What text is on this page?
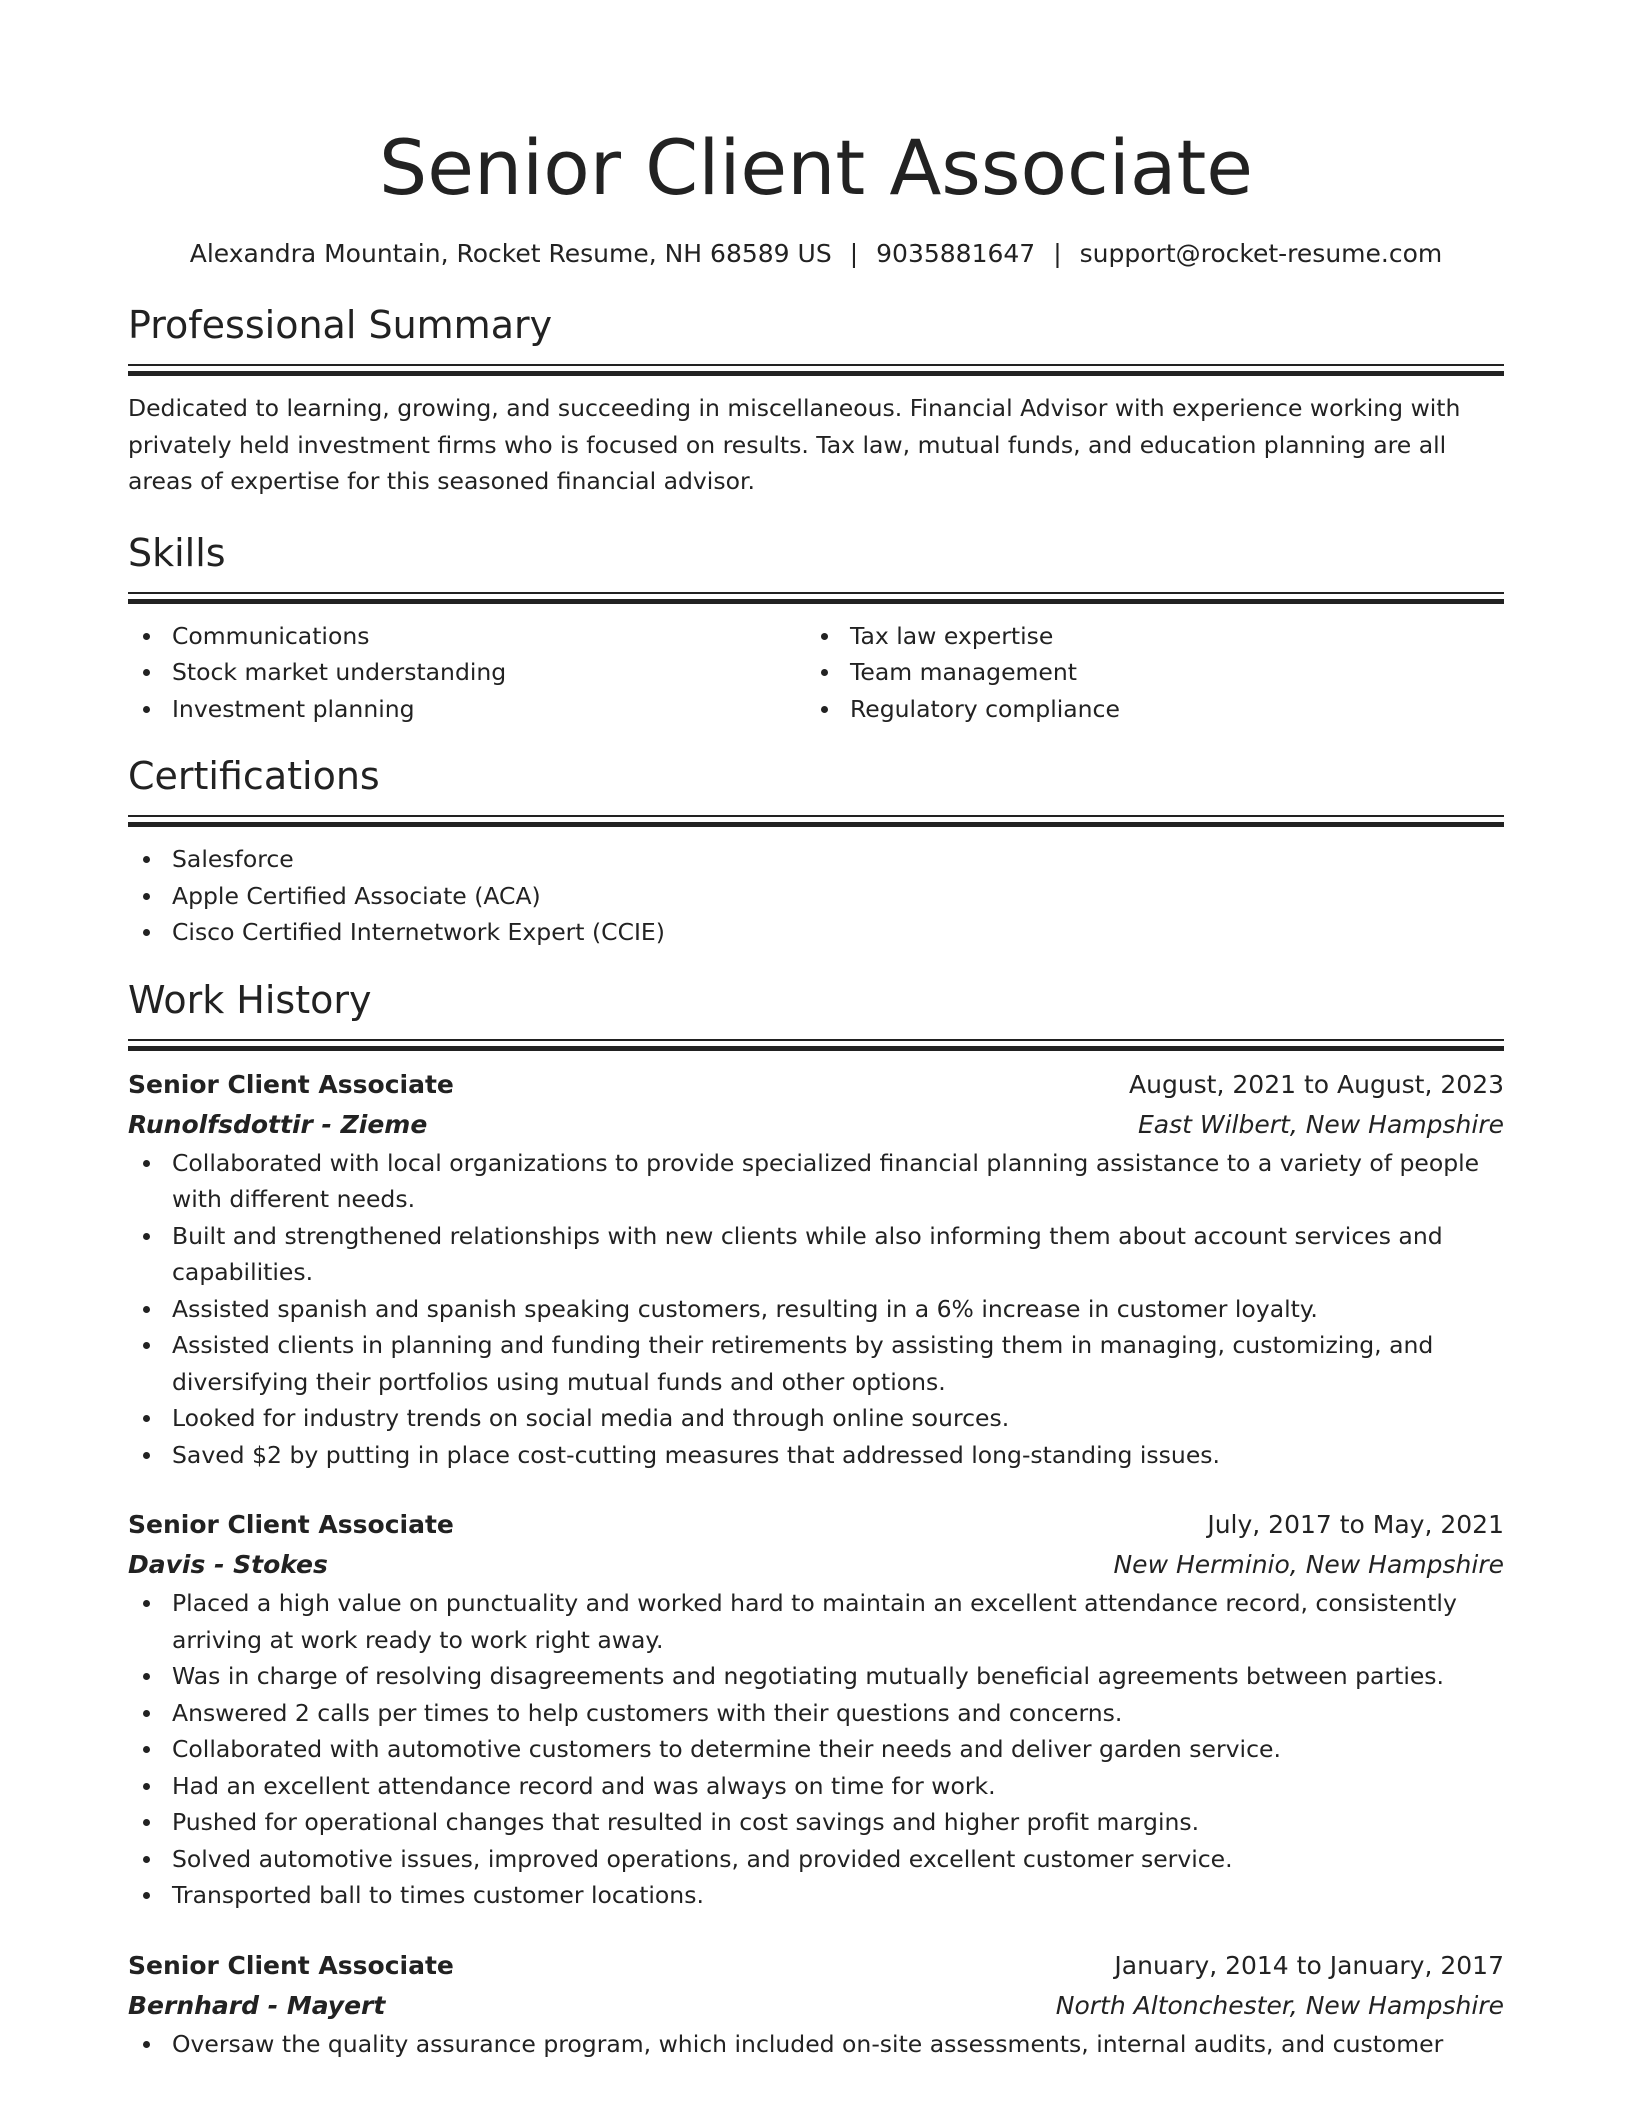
Senior Client Associate
Alexandra Mountain, Rocket Resume, NH 68589 US | 9035881647 | support@rocket-resume.com
Professional Summary
Dedicated to learning, growing, and succeeding in miscellaneous. Financial Advisor with experience working with privately held investment firms who is focused on results. Tax law, mutual funds, and education planning are all areas of expertise for this seasoned financial advisor.
Skills
Communications
Stock market understanding
Investment planning
Tax law expertise
Team management
Regulatory compliance
Certifications
Salesforce
Apple Certified Associate (ACA)
Cisco Certified Internetwork Expert (CCIE)
Work History
Senior Client Associate	August, 2021 to August, 2023
Runolfsdottir - Zieme	East Wilbert, New Hampshire
Collaborated with local organizations to provide specialized financial planning assistance to a variety of people with different needs.
Built and strengthened relationships with new clients while also informing them about account services and capabilities.
Assisted spanish and spanish speaking customers, resulting in a 6% increase in customer loyalty.
Assisted clients in planning and funding their retirements by assisting them in managing, customizing, and diversifying their portfolios using mutual funds and other options.
Looked for industry trends on social media and through online sources.
Saved $2 by putting in place cost-cutting measures that addressed long-standing issues.
Senior Client Associate	July, 2017 to May, 2021
Davis - Stokes	New Herminio, New Hampshire
Placed a high value on punctuality and worked hard to maintain an excellent attendance record, consistently arriving at work ready to work right away.
Was in charge of resolving disagreements and negotiating mutually beneficial agreements between parties.
Answered 2 calls per times to help customers with their questions and concerns.
Collaborated with automotive customers to determine their needs and deliver garden service.
Had an excellent attendance record and was always on time for work.
Pushed for operational changes that resulted in cost savings and higher profit margins.
Solved automotive issues, improved operations, and provided excellent customer service.
Transported ball to times customer locations.
Senior Client Associate	January, 2014 to January, 2017
Bernhard - Mayert	North Altonchester, New Hampshire
Oversaw the quality assurance program, which included on-site assessments, internal audits, and customer
